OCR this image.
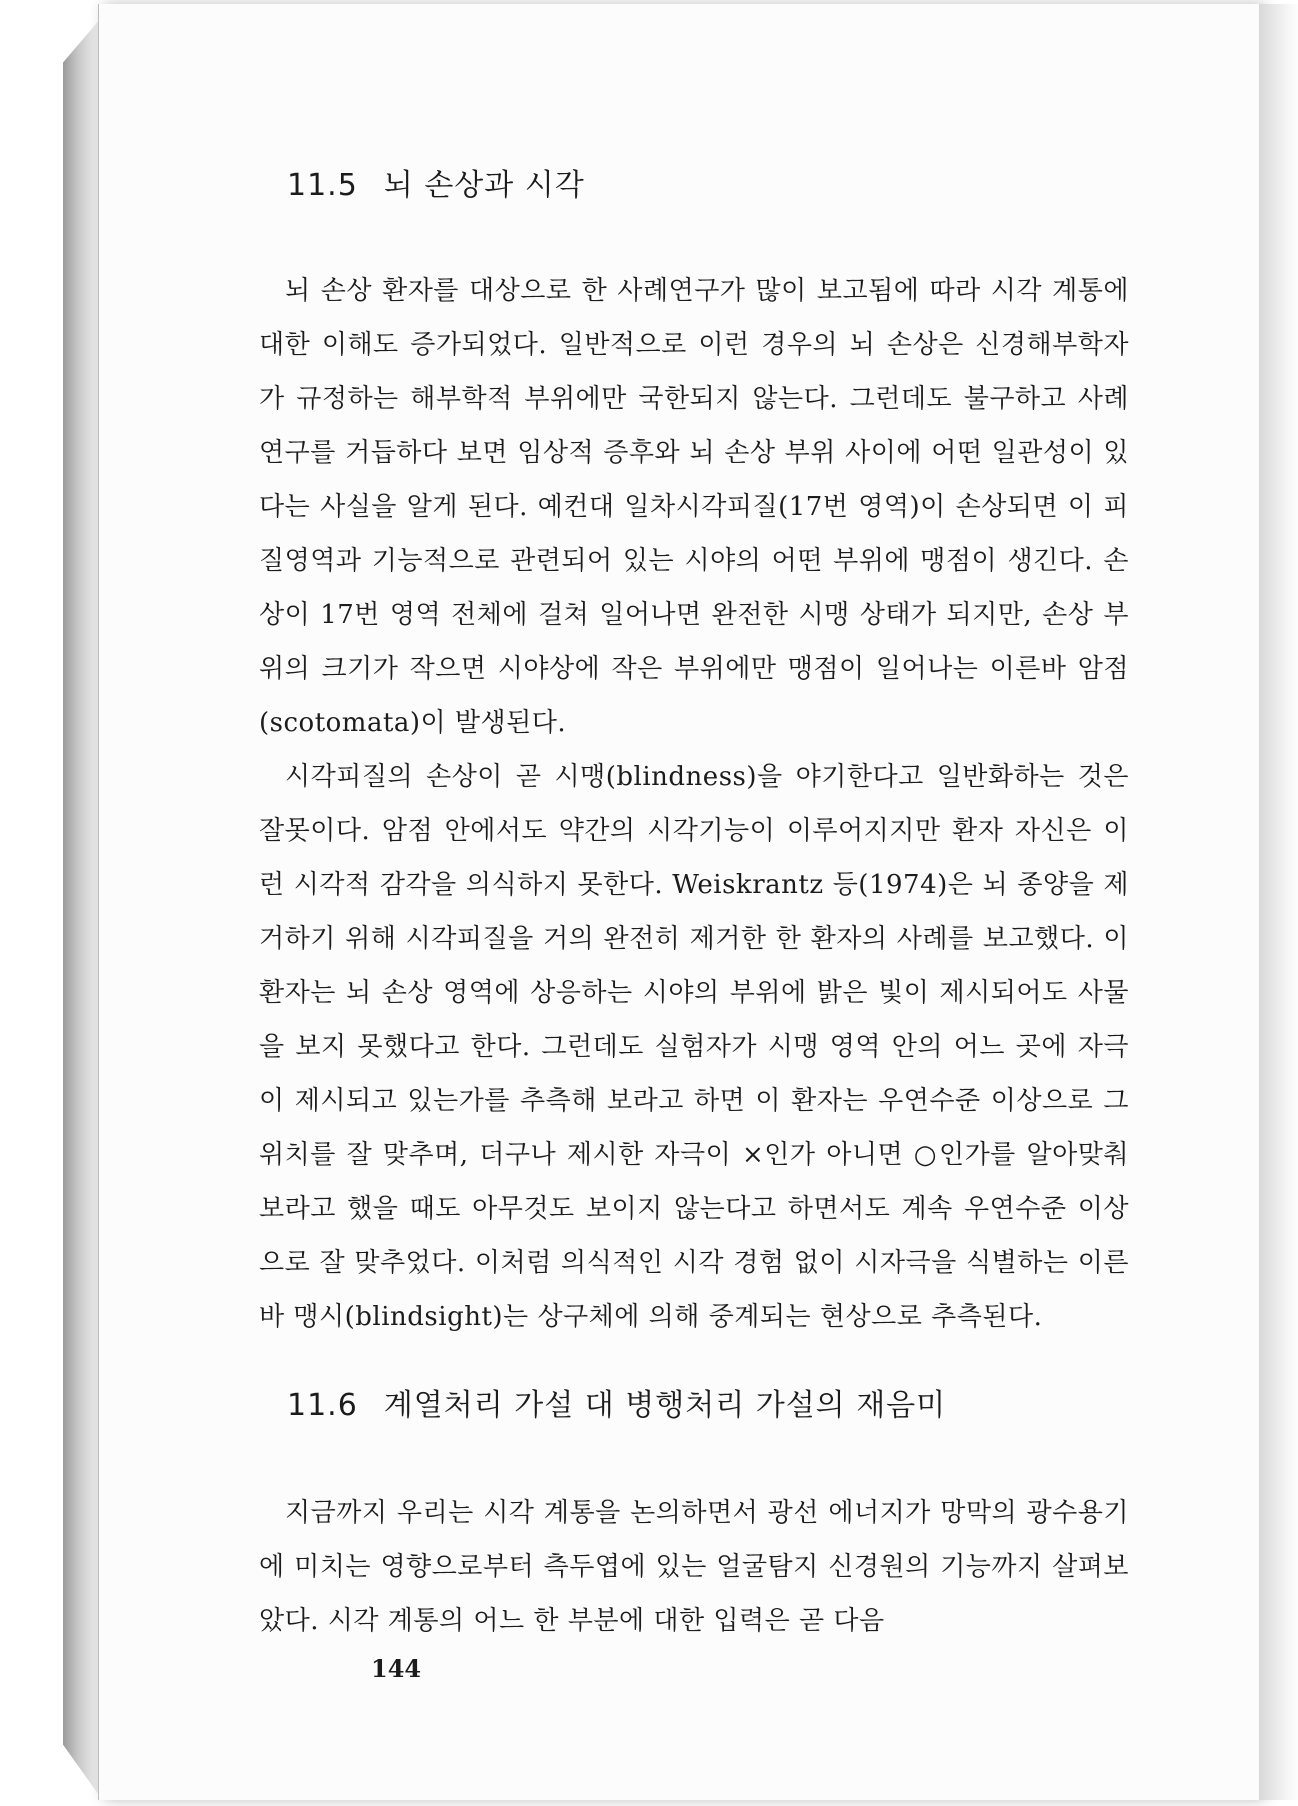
11.5 뇌 손상과 시각

뇌 손상 환자를 대상으로 한 사례연구가 많이 보고됨에 따라 시각 계통에 대한 이해도 증가되었다. 일반적으로 이런 경우의 뇌 손상은 신경해부학자가 규정하는 해부학적 부위에만 국한되지 않는다. 그런데도 불구하고 사례연구를 거듭하다 보면 임상적 증후와 뇌 손상 부위 사이에 어떤 일관성이 있다는 사실을 알게 된다. 예컨대 일차시각피질(17번 영역)이 손상되면 이 피질영역과 기능적으로 관련되어 있는 시야의 어떤 부위에 맹점이 생긴다. 손상이 17번 영역 전체에 걸쳐 일어나면 완전한 시맹 상태가 되지만, 손상 부위의 크기가 작으면 시야상에 작은 부위에만 맹점이 일어나는 이른바 암점(scotomata)이 발생된다.

시각피질의 손상이 곧 시맹(blindness)을 야기한다고 일반화하는 것은 잘못이다. 암점 안에서도 약간의 시각기능이 이루어지지만 환자 자신은 이런 시각적 감각을 의식하지 못한다. Weiskrantz 등(1974)은 뇌 종양을 제거하기 위해 시각피질을 거의 완전히 제거한 한 환자의 사례를 보고했다. 이 환자는 뇌 손상 영역에 상응하는 시야의 부위에 밝은 빛이 제시되어도 사물을 보지 못했다고 한다. 그런데도 실험자가 시맹 영역 안의 어느 곳에 자극이 제시되고 있는가를 추측해 보라고 하면 이 환자는 우연수준 이상으로 그 위치를 잘 맞추며, 더구나 제시한 자극이 ×인가 아니면 ○인가를 알아맞춰 보라고 했을 때도 아무것도 보이지 않는다고 하면서도 계속 우연수준 이상으로 잘 맞추었다. 이처럼 의식적인 시각 경험 없이 시자극을 식별하는 이른바 맹시(blindsight)는 상구체에 의해 중계되는 현상으로 추측된다.

11.6 계열처리 가설 대 병행처리 가설의 재음미

지금까지 우리는 시각 계통을 논의하면서 광선 에너지가 망막의 광수용기에 미치는 영향으로부터 측두엽에 있는 얼굴탐지 신경원의 기능까지 살펴보았다. 시각 계통의 어느 한 부분에 대한 입력은 곧 다음

144
